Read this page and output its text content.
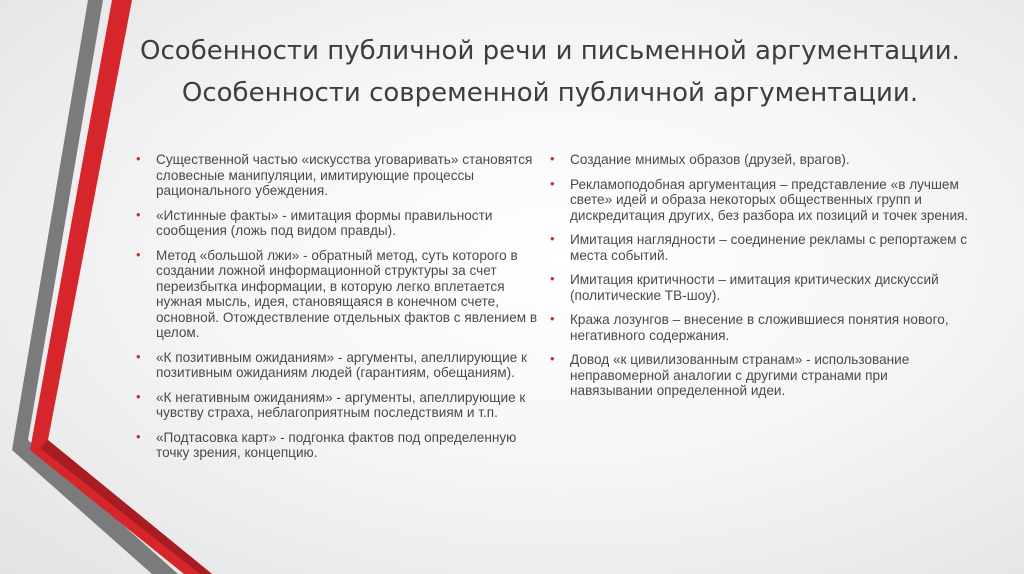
Особенности публичной речи и письменной аргументации.
Особенности современной публичной аргументации.
• Существенной частью «искусства уговаривать» становятся словесные манипуляции, имитирующие процессы рационального убеждения.
• «Истинные факты» - имитация формы правильности сообщения (ложь под видом правды).
• Метод «большой лжи» - обратный метод, суть которого в создании ложной информационной структуры за счет переизбытка информации, в которую легко вплетается нужная мысль, идея, становящаяся в конечном счете, основной. Отождествление отдельных фактов с явлением в целом.
• «К позитивным ожиданиям» - аргументы, апеллирующие к позитивным ожиданиям людей (гарантиям, обещаниям).
• «К негативным ожиданиям» - аргументы, апеллирующие к чувству страха, неблагоприятным последствиям и т.п.
• «Подтасовка карт» - подгонка фактов под определенную точку зрения, концепцию.
• Создание мнимых образов (друзей, врагов).
• Рекламоподобная аргументация – представление «в лучшем свете» идей и образа некоторых общественных групп и дискредитация других, без разбора их позиций и точек зрения.
• Имитация наглядности – соединение рекламы с репортажем с места событий.
• Имитация критичности – имитация критических дискуссий (политические ТВ-шоу).
• Кража лозунгов – внесение в сложившиеся понятия нового, негативного содержания.
• Довод «к цивилизованным странам» - использование неправомерной аналогии с другими странами при навязывании определенной идеи.
